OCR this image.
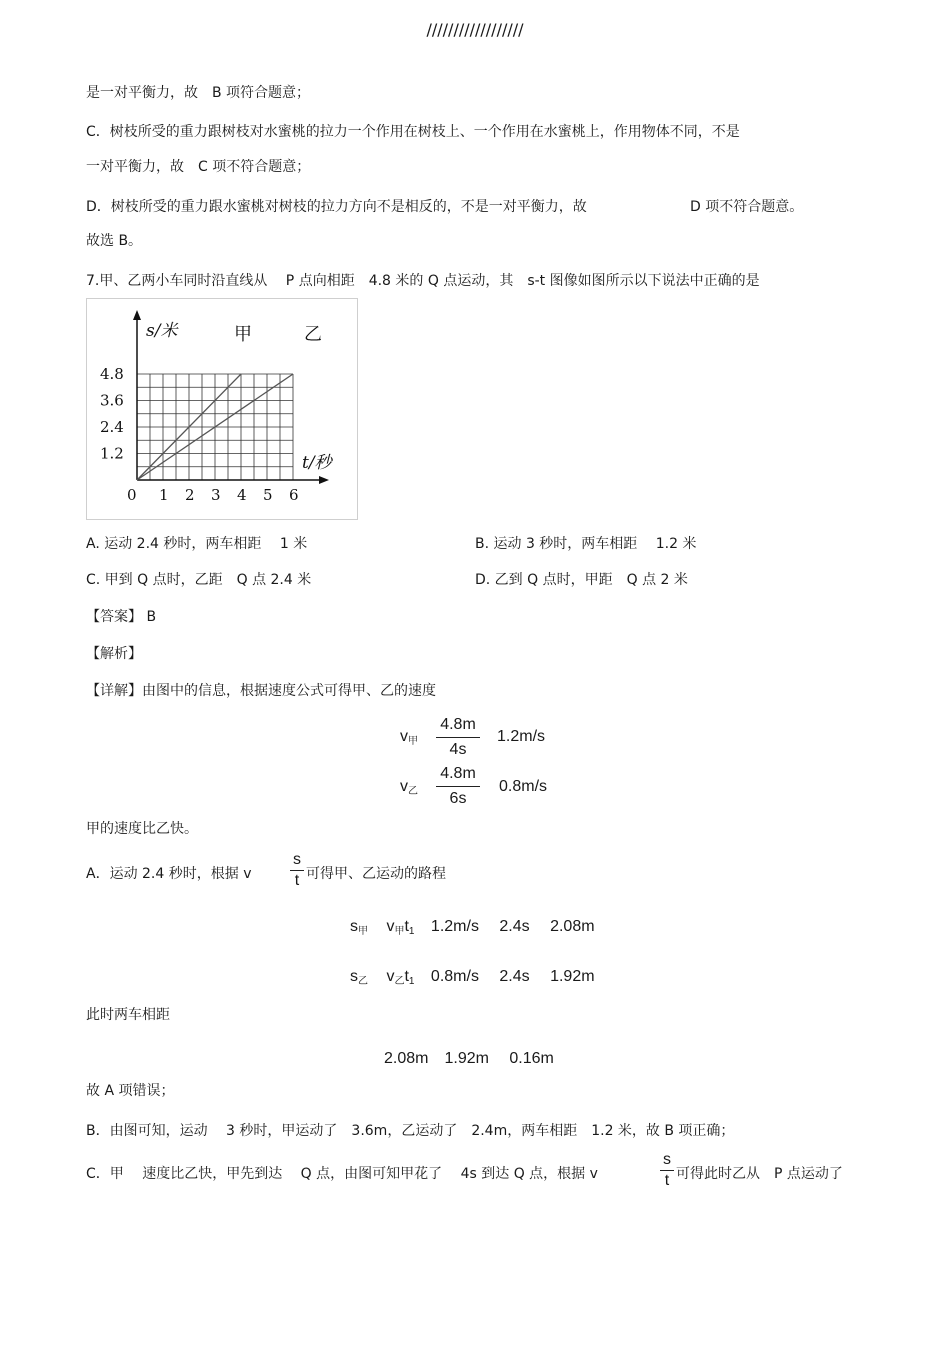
//////////////////
是一对平衡力，故　B 项符合题意；
C．树枝所受的重力跟树枝对水蜜桃的拉力一个作用在树枝上、一个作用在水蜜桃上，作用物体不同，不是
一对平衡力，故　C 项不符合题意；
D．树枝所受的重力跟水蜜桃对树枝的拉力方向不是相反的，不是一对平衡力，故	D 项不符合题意。
故选 B。
7.甲、乙两小车同时沿直线从　 P 点向相距　4.8 米的 Q 点运动，其　s-t 图像如图所示以下说法中正确的是
0 1 2 3 4 5 6
1.2
2.4
3.6
4.8
甲	乙
s/米
t/秒
A. 运动 2.4 秒时，两车相距　 1 米	B. 运动 3 秒时，两车相距　 1.2 米
C. 甲到 Q 点时，乙距　Q 点 2.4 米	D. 乙到 Q 点时，甲距　Q 点 2 米
【答案】 B
【解析】
【详解】由图中的信息，根据速度公式可得甲、乙的速度
v甲
4.8m
4s
1.2m/s
v乙
4.8m
6s
0.8m/s
甲的速度比乙快。
A．运动 2.4 秒时，根据 v
s
t 可得甲、乙运动的路程
s甲 v甲t1 1.2m/s　 2.4s　 2.08m
s乙 v乙t1 0.8m/s　 2.4s　 1.92m
此时两车相距
2.08m　1.92m　 0.16m
故 A 项错误；
B．由图可知，运动　 3 秒时，甲运动了　3.6m，乙运动了　2.4m，两车相距　1.2 米，故 B 项正确；
C．甲　 速度比乙快，甲先到达　 Q 点，由图可知甲花了　 4s 到达 Q 点，根据 v
s
t 可得此时乙从　P 点运动了
